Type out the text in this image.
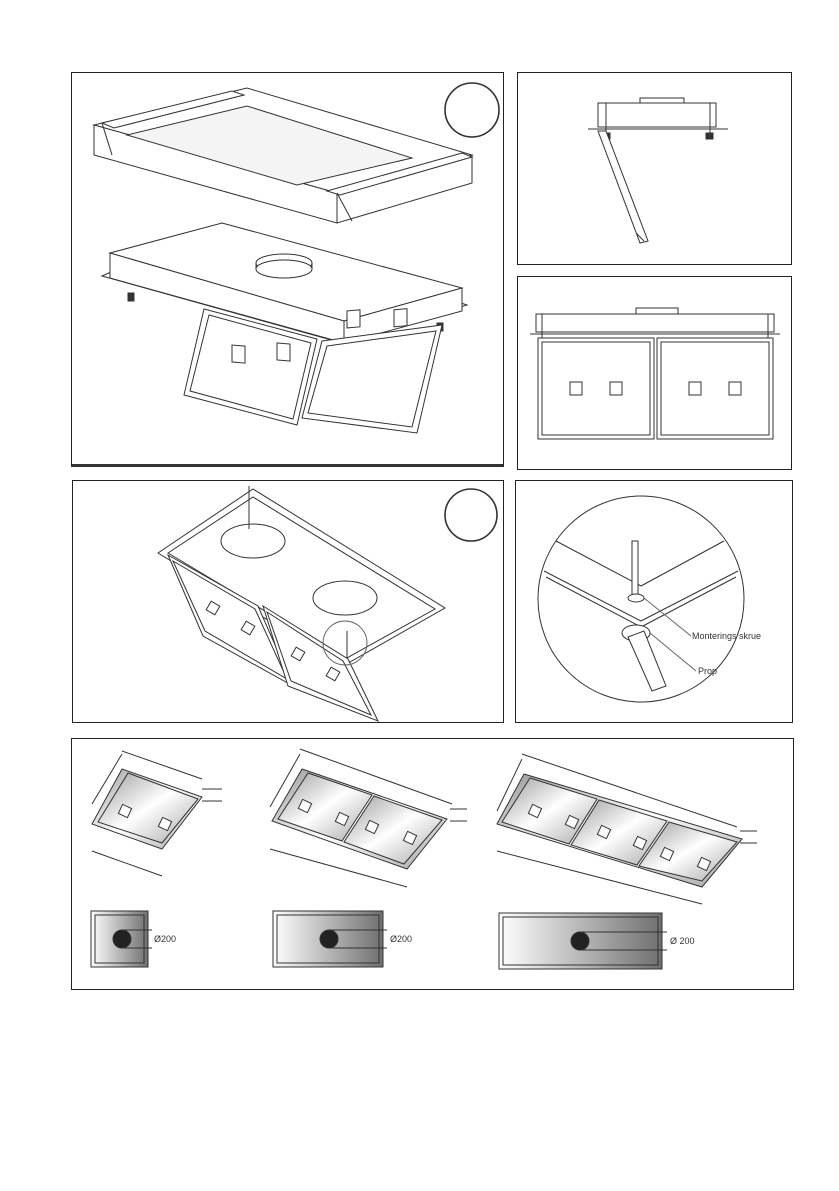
Monterings skrue
Prop
Ø200	Ø200	Ø 200
